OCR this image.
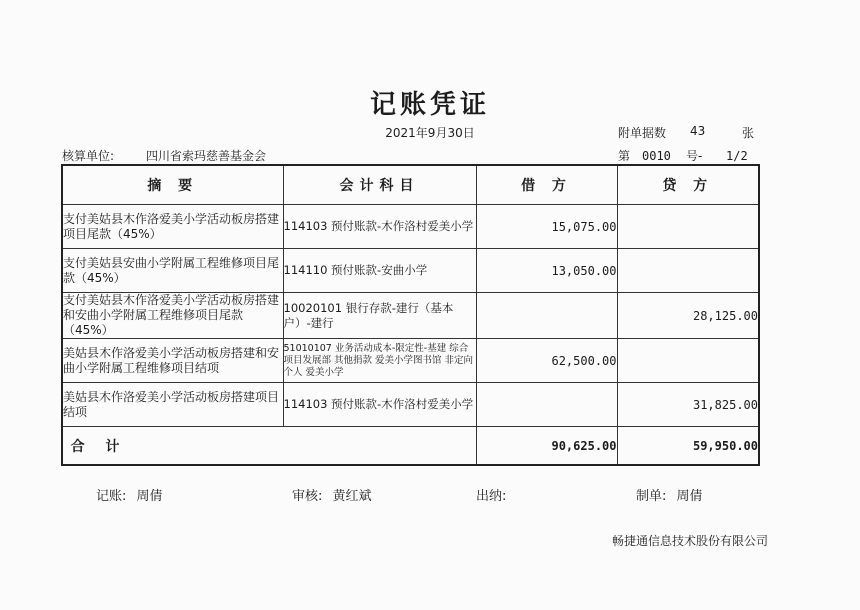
记账凭证
2021年9月30日	附单据数 43	张
核算单位:	四川省索玛慈善基金会	第 0010 号- 1/2
摘 要	会计科目	借 方	贷 方
支付美姑县木作洛爱美小学活动板房搭建项目尾款（45%）	114103 预付账款-木作洛村爱美小学	15,075.00	
支付美姑县安曲小学附属工程维修项目尾款（45%）	114110 预付账款-安曲小学	13,050.00	
支付美姑县木作洛爱美小学活动板房搭建和安曲小学附属工程维修项目尾款（45%）	10020101 银行存款-建行（基本户）-建行		28,125.00
美姑县木作洛爱美小学活动板房搭建和安曲小学附属工程维修项目结项	51010107 业务活动成本-限定性-基建 综合项目发展部 其他捐款 爱美小学图书馆 非定向 个人 爱美小学	62,500.00	
美姑县木作洛爱美小学活动板房搭建项目结项	114103 预付账款-木作洛村爱美小学		31,825.00

合 计		90,625.00	59,950.00
记账: 周倩	审核: 黄红斌	出纳:	制单: 周倩
畅捷通信息技术股份有限公司
